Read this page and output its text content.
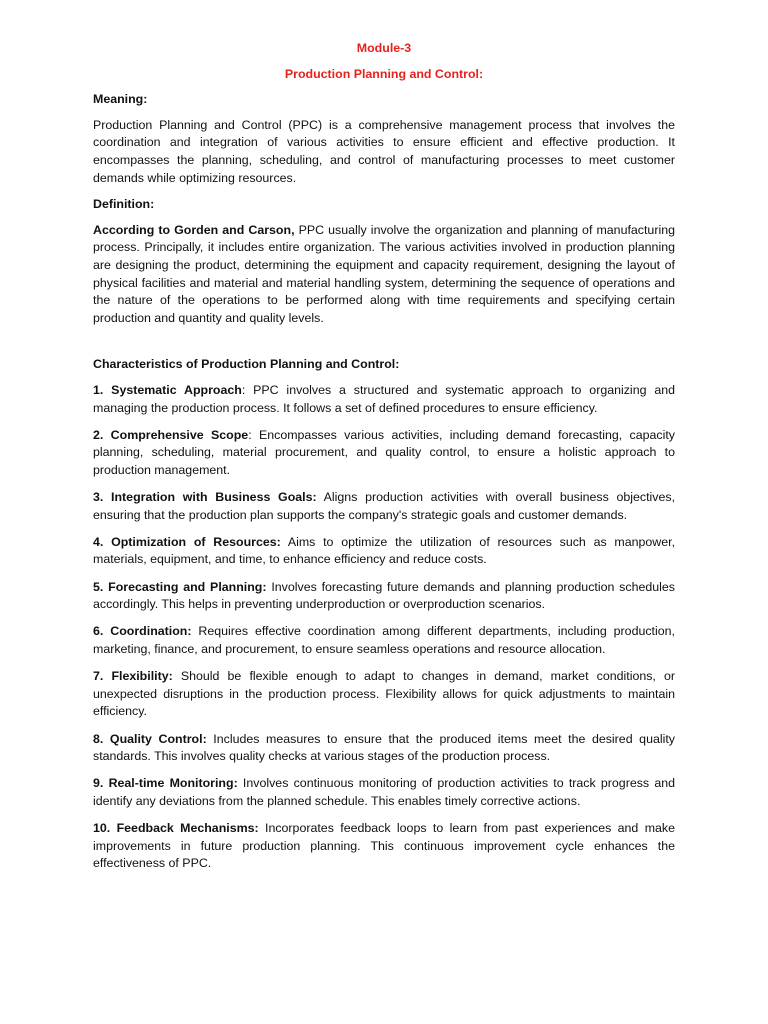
Module-3
Production Planning and Control:
Meaning:
Production Planning and Control (PPC) is a comprehensive management process that involves the coordination and integration of various activities to ensure efficient and effective production. It encompasses the planning, scheduling, and control of manufacturing processes to meet customer demands while optimizing resources.
Definition:
According to Gorden and Carson, PPC usually involve the organization and planning of manufacturing process. Principally, it includes entire organization. The various activities involved in production planning are designing the product, determining the equipment and capacity requirement, designing the layout of physical facilities and material and material handling system, determining the sequence of operations and the nature of the operations to be performed along with time requirements and specifying certain production and quantity and quality levels.
Characteristics of Production Planning and Control:
1. Systematic Approach: PPC involves a structured and systematic approach to organizing and managing the production process. It follows a set of defined procedures to ensure efficiency.
2. Comprehensive Scope: Encompasses various activities, including demand forecasting, capacity planning, scheduling, material procurement, and quality control, to ensure a holistic approach to production management.
3. Integration with Business Goals: Aligns production activities with overall business objectives, ensuring that the production plan supports the company's strategic goals and customer demands.
4. Optimization of Resources: Aims to optimize the utilization of resources such as manpower, materials, equipment, and time, to enhance efficiency and reduce costs.
5. Forecasting and Planning: Involves forecasting future demands and planning production schedules accordingly. This helps in preventing underproduction or overproduction scenarios.
6. Coordination: Requires effective coordination among different departments, including production, marketing, finance, and procurement, to ensure seamless operations and resource allocation.
7. Flexibility: Should be flexible enough to adapt to changes in demand, market conditions, or unexpected disruptions in the production process. Flexibility allows for quick adjustments to maintain efficiency.
8. Quality Control: Includes measures to ensure that the produced items meet the desired quality standards. This involves quality checks at various stages of the production process.
9. Real-time Monitoring: Involves continuous monitoring of production activities to track progress and identify any deviations from the planned schedule. This enables timely corrective actions.
10. Feedback Mechanisms: Incorporates feedback loops to learn from past experiences and make improvements in future production planning. This continuous improvement cycle enhances the effectiveness of PPC.
